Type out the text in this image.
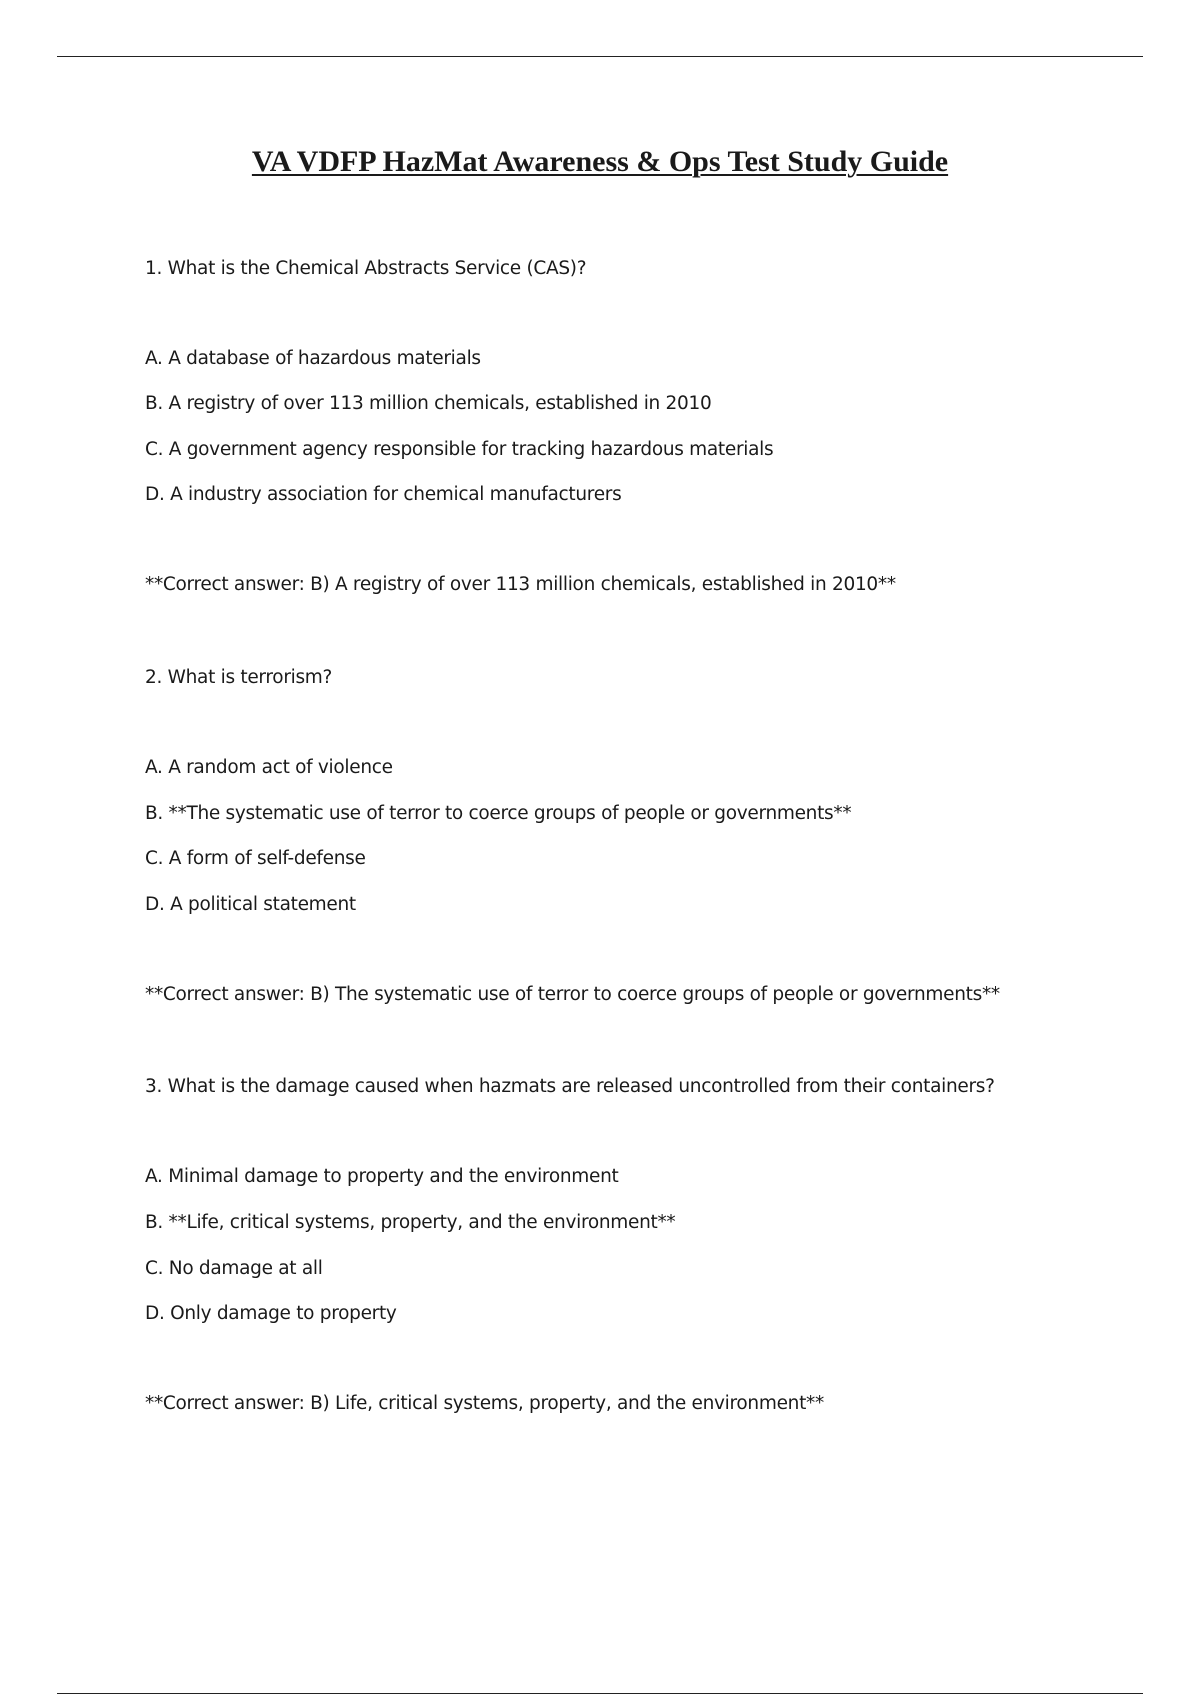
VA VDFP HazMat Awareness & Ops Test Study Guide
1. What is the Chemical Abstracts Service (CAS)?
A. A database of hazardous materials
B. A registry of over 113 million chemicals, established in 2010
C. A government agency responsible for tracking hazardous materials
D. A industry association for chemical manufacturers
**Correct answer: B) A registry of over 113 million chemicals, established in 2010**
2. What is terrorism?
A. A random act of violence
B. **The systematic use of terror to coerce groups of people or governments**
C. A form of self-defense
D. A political statement
**Correct answer: B) The systematic use of terror to coerce groups of people or governments**
3. What is the damage caused when hazmats are released uncontrolled from their containers?
A. Minimal damage to property and the environment
B. **Life, critical systems, property, and the environment**
C. No damage at all
D. Only damage to property
**Correct answer: B) Life, critical systems, property, and the environment**
